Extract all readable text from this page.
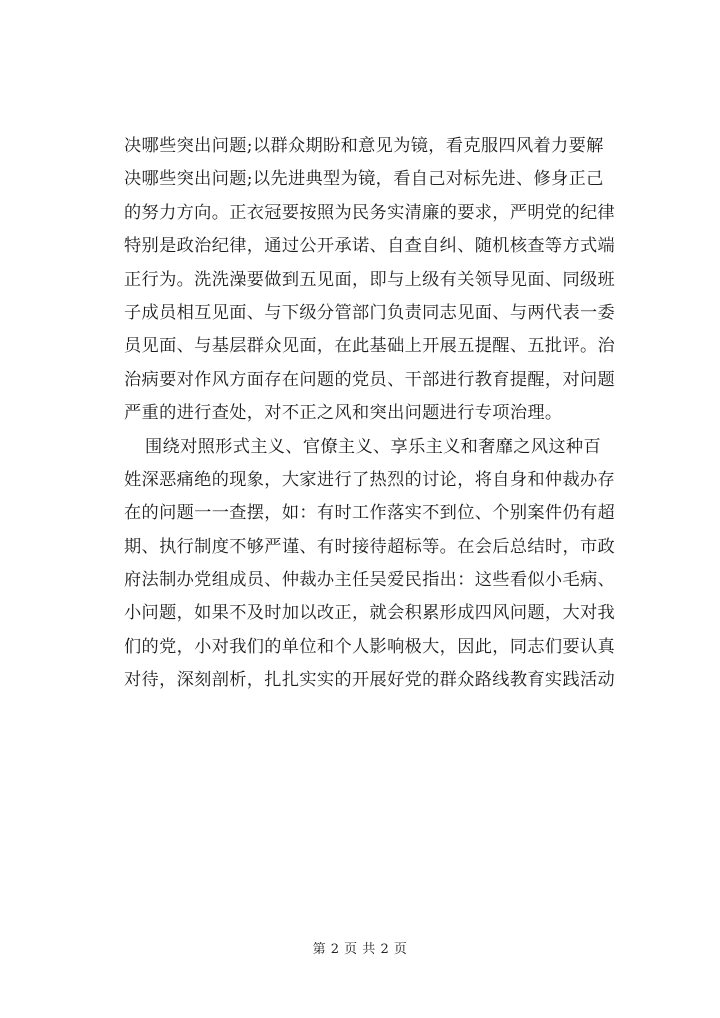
决哪些突出问题;以群众期盼和意见为镜，看克服四风着力要解
决哪些突出问题;以先进典型为镜，看自己对标先进、修身正己
的努力方向。正衣冠要按照为民务实清廉的要求，严明党的纪律
特别是政治纪律，通过公开承诺、自查自纠、随机核查等方式端
正行为。洗洗澡要做到五见面，即与上级有关领导见面、同级班
子成员相互见面、与下级分管部门负责同志见面、与两代表一委
员见面、与基层群众见面，在此基础上开展五提醒、五批评。治
治病要对作风方面存在问题的党员、干部进行教育提醒，对问题
严重的进行查处，对不正之风和突出问题进行专项治理。
围绕对照形式主义、官僚主义、享乐主义和奢靡之风这种百
姓深恶痛绝的现象，大家进行了热烈的讨论，将自身和仲裁办存
在的问题一一查摆，如：有时工作落实不到位、个别案件仍有超
期、执行制度不够严谨、有时接待超标等。在会后总结时，市政
府法制办党组成员、仲裁办主任吴爱民指出：这些看似小毛病、
小问题，如果不及时加以改正，就会积累形成四风问题，大对我
们的党，小对我们的单位和个人影响极大，因此，同志们要认真
对待，深刻剖析，扎扎实实的开展好党的群众路线教育实践活动
第 2 页 共 2 页
